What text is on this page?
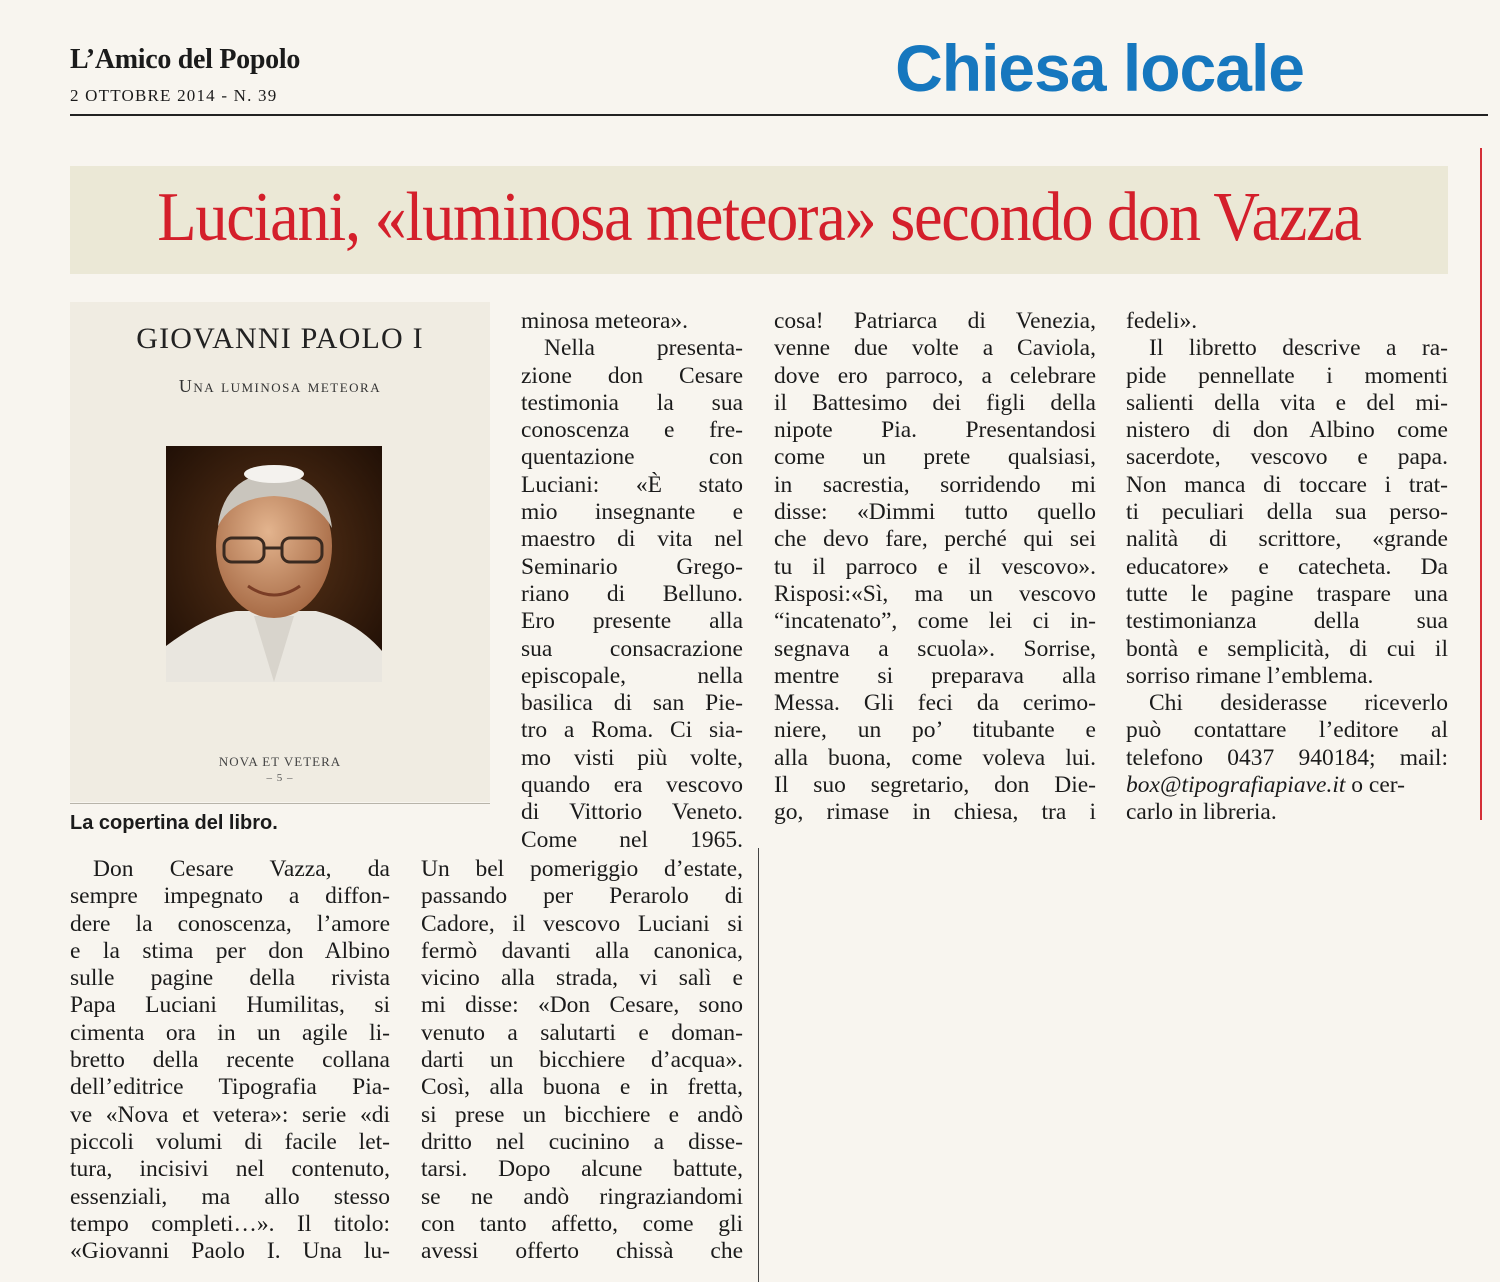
L’Amico del Popolo
2 OTTOBRE 2014 - N. 39	Chiesa locale
Luciani, «luminosa meteora» secondo don Vazza
GIOVANNI PAOLO I
Una luminosa meteora
NOVA ET VETERA
– 5 –
La copertina del libro.
Don Cesare Vazza, da
sempre impegnato a diffon-
dere la conoscenza, l’amore
e la stima per don Albino
sulle pagine della rivista
Papa Luciani Humilitas, si
cimenta ora in un agile li-
bretto della recente collana
dell’editrice Tipografia Pia-
ve «Nova et vetera»: serie «di
piccoli volumi di facile let-
tura, incisivi nel contenuto,
essenziali, ma allo stesso
tempo completi…». Il titolo:
«Giovanni Paolo I. Una lu-
minosa meteora».
Nella presenta-
zione don Cesare
testimonia la sua
conoscenza e fre-
quentazione con
Luciani: «È stato
mio insegnante e
maestro di vita nel
Seminario Grego-
riano di Belluno.
Ero presente alla
sua consacrazione
episcopale, nella
basilica di san Pie-
tro a Roma. Ci sia-
mo visti più volte,
quando era vescovo
di Vittorio Veneto.
Come nel 1965.
Un bel pomeriggio d’estate,
passando per Perarolo di
Cadore, il vescovo Luciani si
fermò davanti alla canonica,
vicino alla strada, vi salì e
mi disse: «Don Cesare, sono
venuto a salutarti e doman-
darti un bicchiere d’acqua».
Così, alla buona e in fretta,
si prese un bicchiere e andò
dritto nel cucinino a disse-
tarsi. Dopo alcune battute,
se ne andò ringraziandomi
con tanto affetto, come gli
avessi offerto chissà che
cosa! Patriarca di Venezia,
venne due volte a Caviola,
dove ero parroco, a celebrare
il Battesimo dei figli della
nipote Pia. Presentandosi
come un prete qualsiasi,
in sacrestia, sorridendo mi
disse: «Dimmi tutto quello
che devo fare, perché qui sei
tu il parroco e il vescovo».
Risposi:«Sì, ma un vescovo
“incatenato”, come lei ci in-
segnava a scuola». Sorrise,
mentre si preparava alla
Messa. Gli feci da cerimo-
niere, un po’ titubante e
alla buona, come voleva lui.
Il suo segretario, don Die-
go, rimase in chiesa, tra i
fedeli».
Il libretto descrive a ra-
pide pennellate i momenti
salienti della vita e del mi-
nistero di don Albino come
sacerdote, vescovo e papa.
Non manca di toccare i trat-
ti peculiari della sua perso-
nalità di scrittore, «grande
educatore» e catecheta. Da
tutte le pagine traspare una
testimonianza della sua
bontà e semplicità, di cui il
sorriso rimane l’emblema.
Chi desiderasse riceverlo
può contattare l’editore al
telefono 0437 940184; mail:
box@tipografiapiave.it o cer-
carlo in libreria.
